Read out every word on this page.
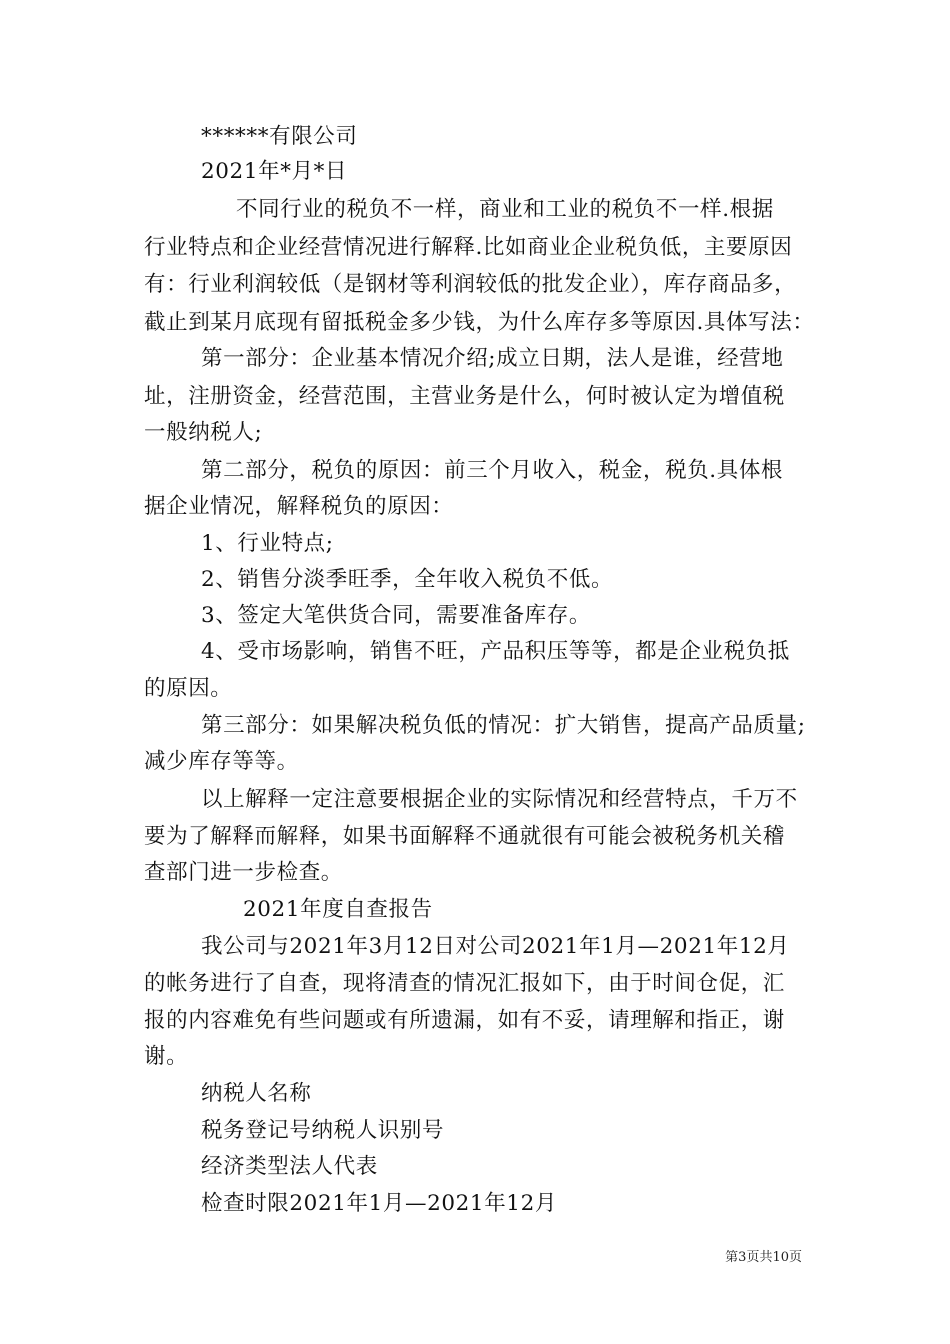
******有限公司
2021年*月*日
不同行业的税负不一样，商业和工业的税负不一样.根据
行业特点和企业经营情况进行解释.比如商业企业税负低，主要原因
有：行业利润较低（是钢材等利润较低的批发企业），库存商品多，
截止到某月底现有留抵税金多少钱，为什么库存多等原因.具体写法：
第一部分：企业基本情况介绍;成立日期，法人是谁，经营地
址，注册资金，经营范围，主营业务是什么，何时被认定为增值税
一般纳税人;
第二部分，税负的原因：前三个月收入，税金，税负.具体根
据企业情况，解释税负的原因：
1、行业特点;
2、销售分淡季旺季，全年收入税负不低。
3、签定大笔供货合同，需要准备库存。
4、受市场影响，销售不旺，产品积压等等，都是企业税负抵
的原因。
第三部分：如果解决税负低的情况：扩大销售，提高产品质量;
减少库存等等。
以上解释一定注意要根据企业的实际情况和经营特点，千万不
要为了解释而解释，如果书面解释不通就很有可能会被税务机关稽
查部门进一步检查。
2021年度自查报告
我公司与2021年3月12日对公司2021年1月—2021年12月
的帐务进行了自查，现将清查的情况汇报如下，由于时间仓促，汇
报的内容难免有些问题或有所遗漏，如有不妥，请理解和指正，谢
谢。
纳税人名称
税务登记号纳税人识别号
经济类型法人代表
检查时限2021年1月—2021年12月
第3页共10页
